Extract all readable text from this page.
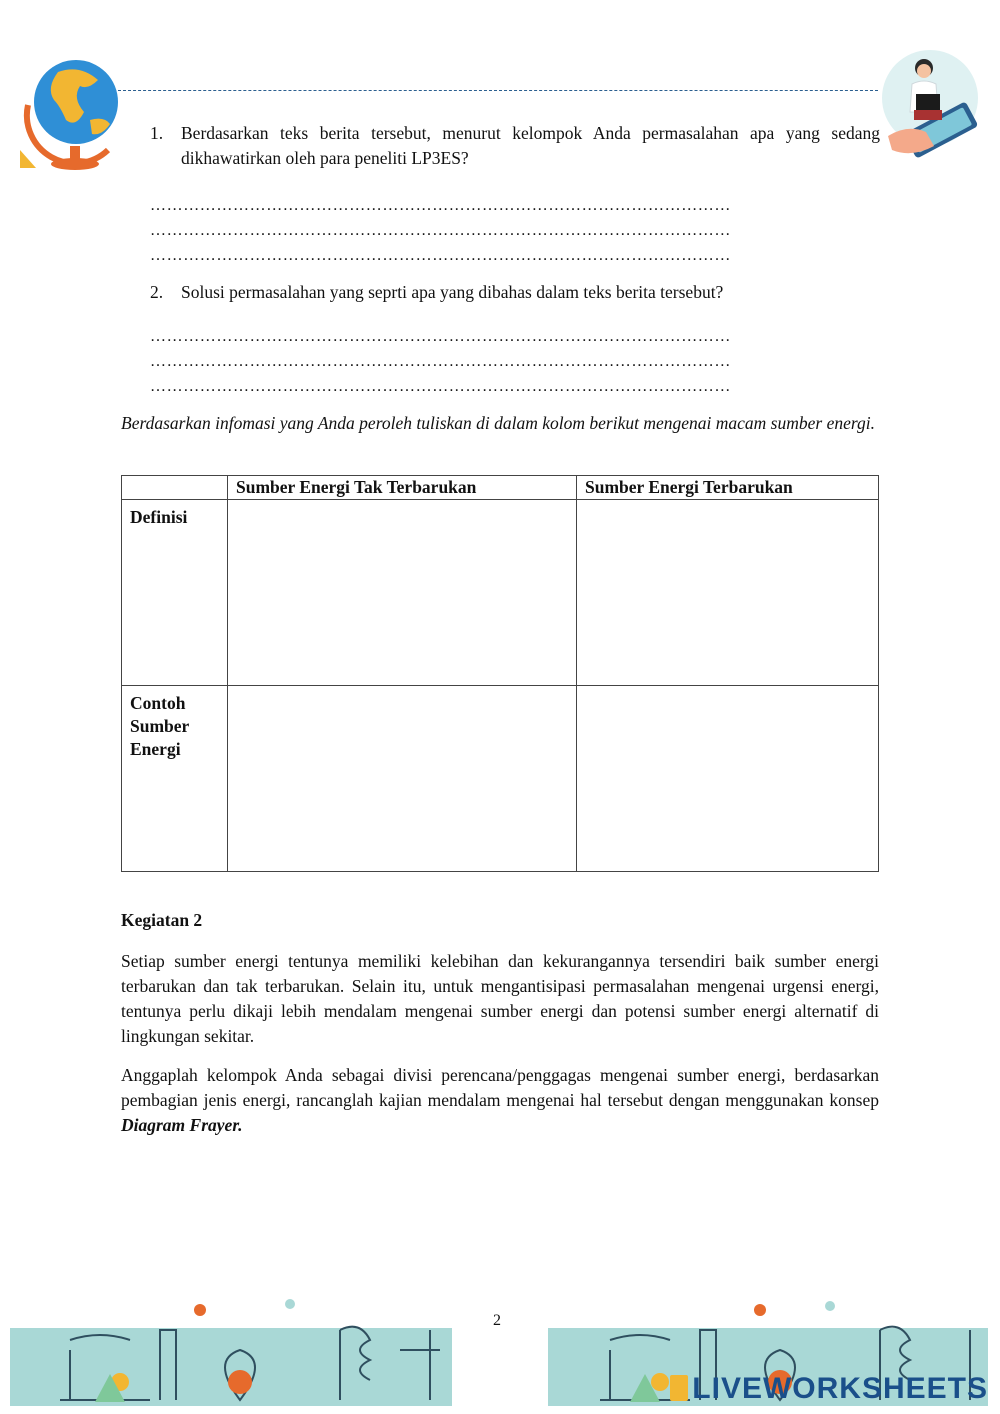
1. Berdasarkan teks berita tersebut, menurut kelompok Anda permasalahan apa yang sedang dikhawatirkan oleh para peneliti LP3ES?
……………………………………………………………………………………………
……………………………………………………………………………………………
……………………………………………………………………………………………
2. Solusi permasalahan yang seprti apa yang dibahas dalam teks berita tersebut?
……………………………………………………………………………………………
……………………………………………………………………………………………
……………………………………………………………………………………………
Berdasarkan infomasi yang Anda peroleh tuliskan di dalam kolom berikut mengenai macam sumber energi.
	Sumber Energi Tak Terbarukan	Sumber Energi Terbarukan
Definisi		
Contoh Sumber Energi		
Kegiatan 2
Setiap sumber energi tentunya memiliki kelebihan dan kekurangannya tersendiri baik sumber energi terbarukan dan tak terbarukan. Selain itu, untuk mengantisipasi permasalahan mengenai urgensi energi, tentunya perlu dikaji lebih mendalam mengenai sumber energi dan potensi sumber energi alternatif di lingkungan sekitar.
Anggaplah kelompok Anda sebagai divisi perencana/penggagas mengenai sumber energi, berdasarkan pembagian jenis energi, rancanglah kajian mendalam mengenai hal tersebut dengan menggunakan konsep Diagram Frayer.
2
LIVEWORKSHEETS
